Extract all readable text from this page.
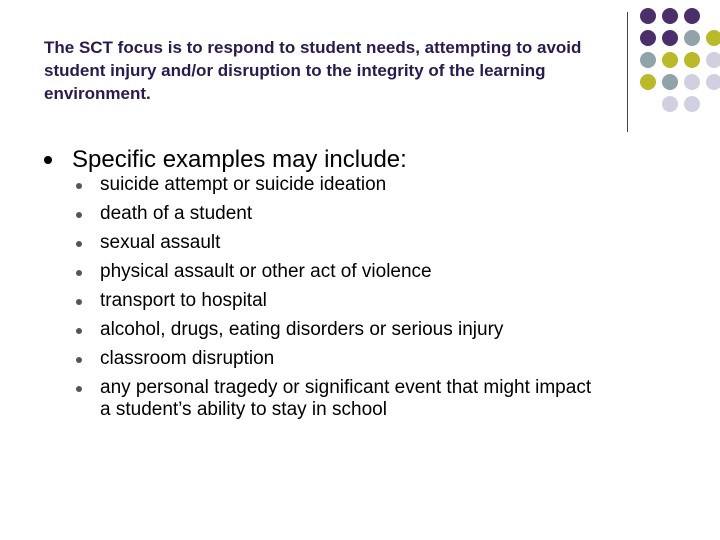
The SCT focus is to respond to student needs, attempting to avoid student injury and/or disruption to the integrity of the learning environment.
Specific examples may include:
suicide attempt or suicide ideation
death of a student
sexual assault
physical assault or other act of violence
transport to hospital
alcohol, drugs, eating disorders or serious injury
classroom disruption
any personal tragedy or significant event that might impact
a student’s ability to stay in school
